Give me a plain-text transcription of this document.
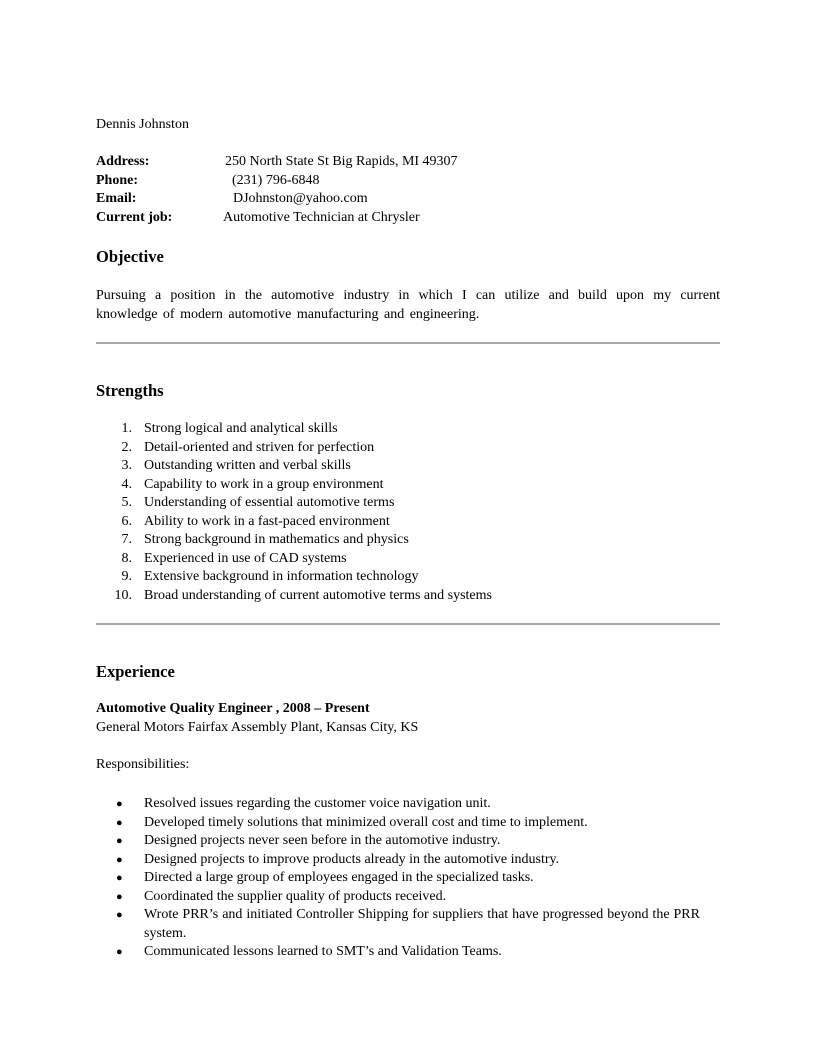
Dennis Johnston
Address:	250 North State St Big Rapids, MI 49307
Phone:	(231) 796-6848
Email:	DJohnston@yahoo.com
Current job:	Automotive Technician at Chrysler
Objective
Pursuing a position in the automotive industry in which I can utilize and build upon my current knowledge of modern automotive manufacturing and engineering.
Strengths
1. Strong logical and analytical skills
2. Detail-oriented and striven for perfection
3. Outstanding written and verbal skills
4. Capability to work in a group environment
5. Understanding of essential automotive terms
6. Ability to work in a fast-paced environment
7. Strong background in mathematics and physics
8. Experienced in use of CAD systems
9. Extensive background in information technology
10. Broad understanding of current automotive terms and systems
Experience
Automotive Quality Engineer , 2008 – Present
General Motors Fairfax Assembly Plant, Kansas City, KS
Responsibilities:
● Resolved issues regarding the customer voice navigation unit.
● Developed timely solutions that minimized overall cost and time to implement.
● Designed projects never seen before in the automotive industry.
● Designed projects to improve products already in the automotive industry.
● Directed a large group of employees engaged in the specialized tasks.
● Coordinated the supplier quality of products received.
● Wrote PRR’s and initiated Controller Shipping for suppliers that have progressed beyond the PRR system.
● Communicated lessons learned to SMT’s and Validation Teams.
